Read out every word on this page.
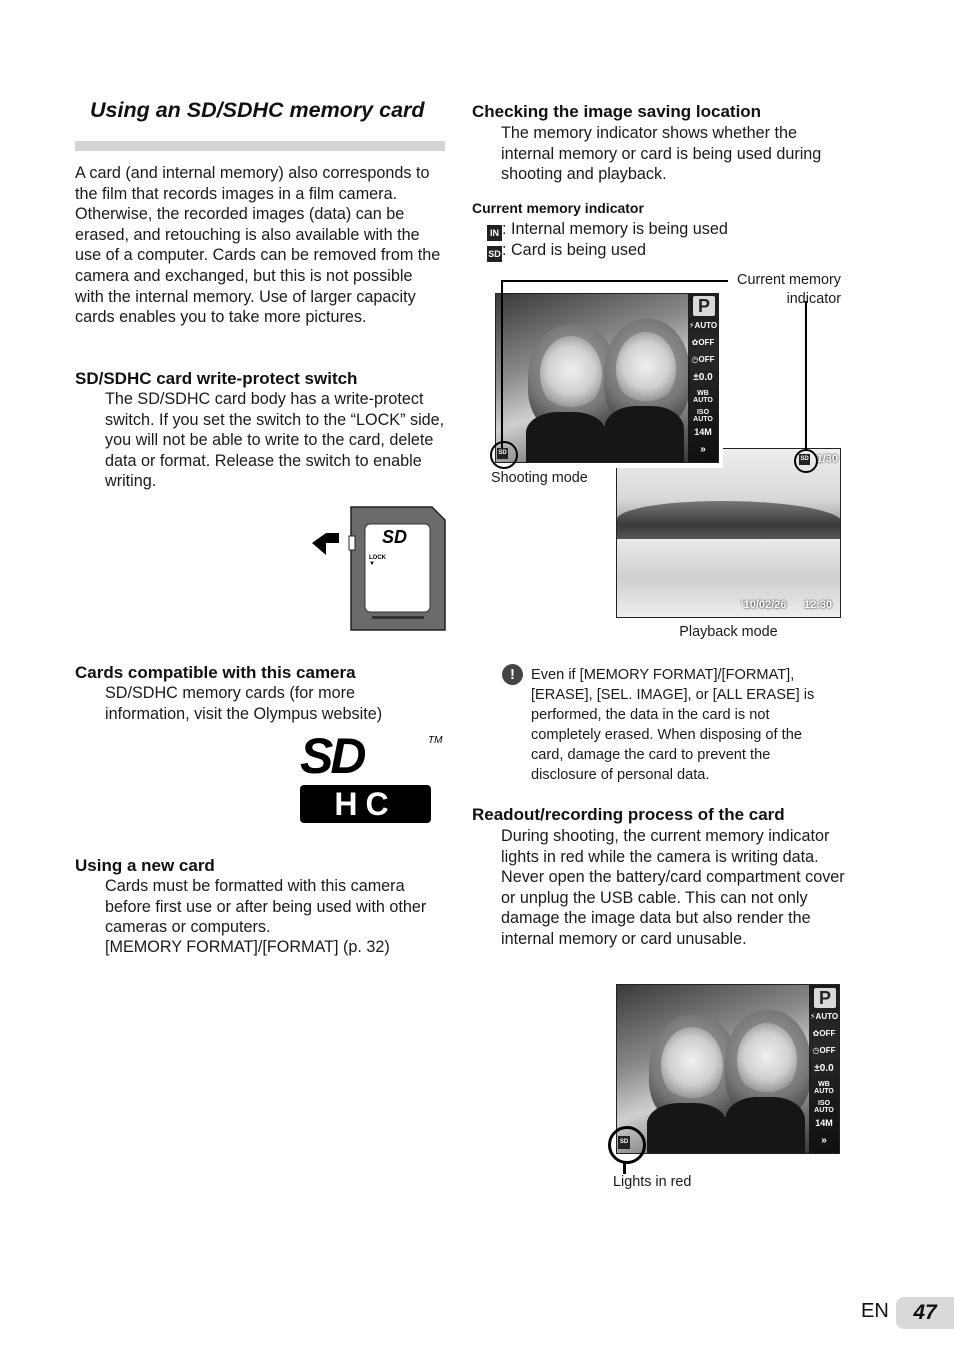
Using an SD/SDHC memory card
A card (and internal memory) also corresponds to the film that records images in a film camera. Otherwise, the recorded images (data) can be erased, and retouching is also available with the use of a computer. Cards can be removed from the camera and exchanged, but this is not possible with the internal memory. Use of larger capacity cards enables you to take more pictures.
SD/SDHC card write-protect switch
The SD/SDHC card body has a write-protect switch. If you set the switch to the “LOCK” side, you will not be able to write to the card, delete data or format. Release the switch to enable writing.
SD
LOCK
▼
Cards compatible with this camera
SD/SDHC memory cards (for more information, visit the Olympus website)
SD	TM
HC
Using a new card
Cards must be formatted with this camera before first use or after being used with other cameras or computers.
[MEMORY FORMAT]/[FORMAT] (p. 32)
Checking the image saving location
The memory indicator shows whether the internal memory or card is being used during shooting and playback.
Current memory indicator
IN : Internal memory is being used
SD: Card is being used
Current memory
indicator
1/30
'10/02/26 12:30
SD
P
⚡AUTO
✿OFF
◷OFF
±0.0
WB AUTO
ISO AUTO
14M
»
SD
Shooting mode
Playback mode
!	Even if [MEMORY FORMAT]/[FORMAT], [ERASE], [SEL. IMAGE], or [ALL ERASE] is performed, the data in the card is not completely erased. When disposing of the card, damage the card to prevent the disclosure of personal data.
Readout/recording process of the card
During shooting, the current memory indicator lights in red while the camera is writing data. Never open the battery/card compartment cover or unplug the USB cable. This can not only damage the image data but also render the internal memory or card unusable.
P
⚡AUTO
✿OFF
◷OFF
±0.0
WB AUTO
ISO AUTO
14M
»
SD
Lights in red
EN	47
